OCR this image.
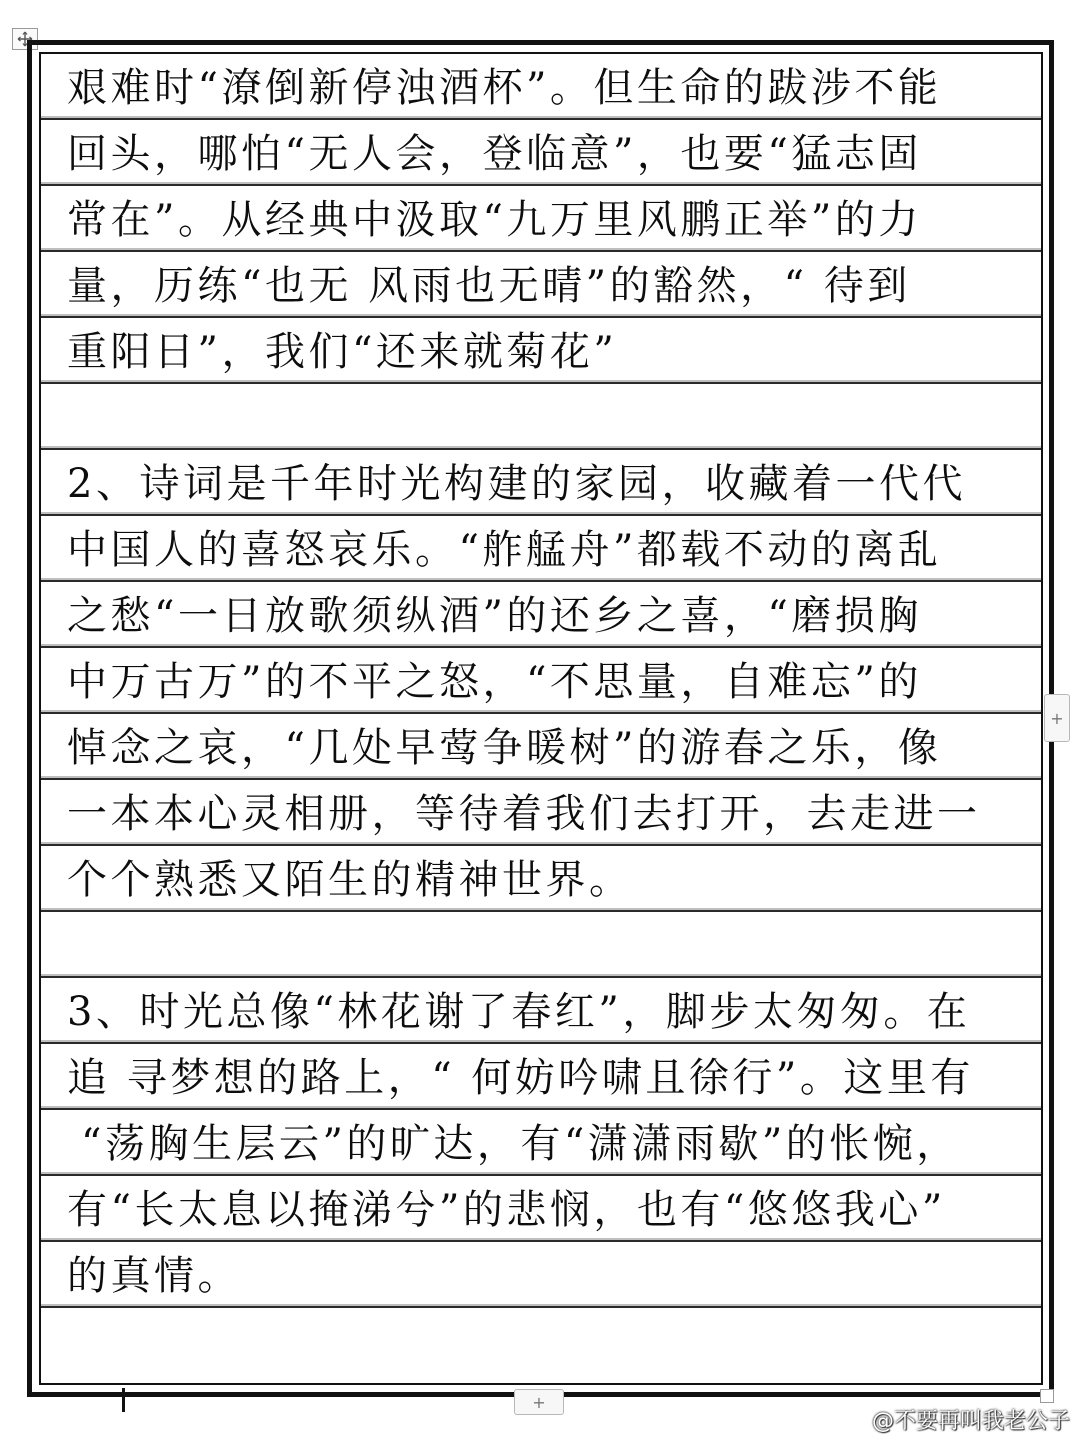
艰难时“潦倒新停浊酒杯”。但生命的跋涉不能
回头，哪怕“无人会，登临意”，也要“猛志固
常在”。从经典中汲取“九万里风鹏正举”的力
量，历练“也无 风雨也无晴”的豁然，“ 待到
重阳日”，我们“还来就菊花”
2、诗词是千年时光构建的家园，收藏着一代代
中国人的喜怒哀乐。“舴艋舟”都载不动的离乱
之愁“一日放歌须纵酒”的还乡之喜，“磨损胸
中万古万”的不平之怒，“不思量，自难忘”的
悼念之哀，“几处早莺争暖树”的游春之乐，像
一本本心灵相册，等待着我们去打开，去走进一
个个熟悉又陌生的精神世界。
3、时光总像“林花谢了春红”，脚步太匆匆。在
追 寻梦想的路上，“ 何妨吟啸且徐行”。这里有
“荡胸生层云”的旷达，有“潇潇雨歇”的怅惋，
有“长太息以掩涕兮”的悲悯，也有“悠悠我心”
的真情。
+
+
@不要再叫我老公子
